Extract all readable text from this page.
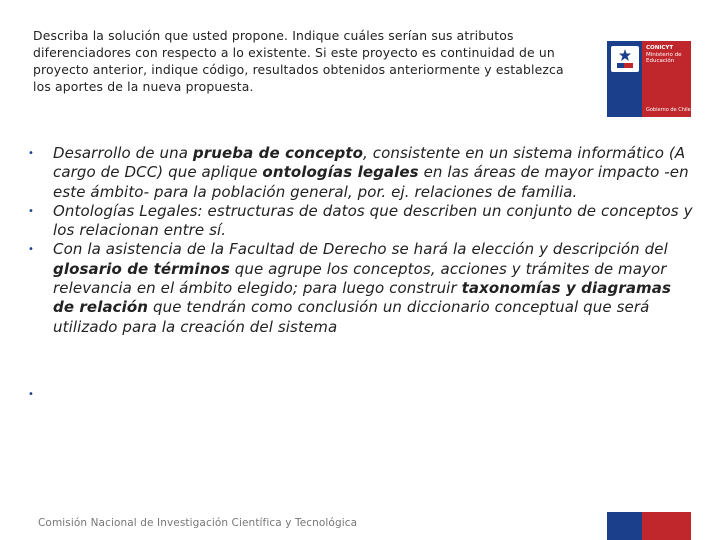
Describa la solución que usted propone. Indique cuáles serían sus atributos diferenciadores con respecto a lo existente. Si este proyecto es continuidad de un proyecto anterior, indique código, resultados obtenidos anteriormente y establezca los aportes de la nueva propuesta.
CONICYT
Ministerio de Educación
Gobierno de Chile
• Desarrollo de una prueba de concepto, consistente en un sistema informático (A cargo de DCC) que aplique ontologías legales en las áreas de mayor impacto -en este ámbito- para la población general, por. ej. relaciones de familia.
• Ontologías Legales: estructuras de datos que describen un conjunto de conceptos y los relacionan entre sí.
• Con la asistencia de la Facultad de Derecho se hará la elección y descripción del glosario de términos que agrupe los conceptos, acciones y trámites de mayor relevancia en el ámbito elegido; para luego construir taxonomías y diagramas de relación que tendrán como conclusión un diccionario conceptual que será utilizado para la creación del sistema
•
Comisión Nacional de Investigación Científica y Tecnológica
